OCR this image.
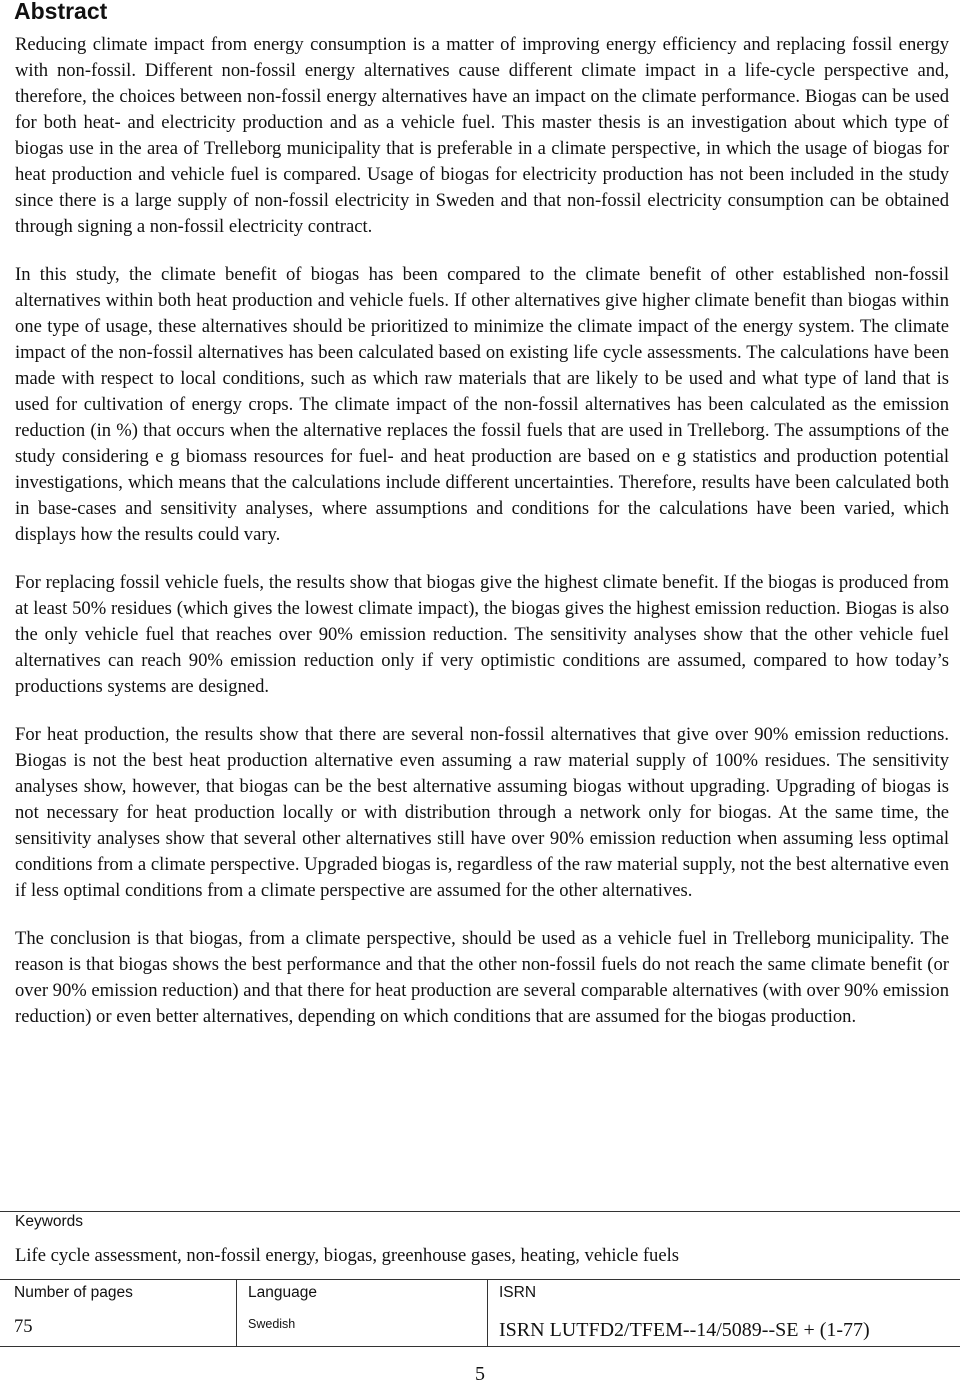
Abstract

Reducing climate impact from energy consumption is a matter of improving energy efficiency and replacing fossil energy with non-fossil. Different non-fossil energy alternatives cause different climate impact in a life-cycle perspective and, therefore, the choices between non-fossil energy alternatives have an impact on the climate performance. Biogas can be used for both heat- and electricity production and as a vehicle fuel. This master thesis is an investigation about which type of biogas use in the area of Trelleborg municipality that is preferable in a climate perspective, in which the usage of biogas for heat production and vehicle fuel is compared. Usage of biogas for electricity production has not been included in the study since there is a large supply of non-fossil electricity in Sweden and that non-fossil electricity consumption can be obtained through signing a non-fossil electricity contract.

In this study, the climate benefit of biogas has been compared to the climate benefit of other established non-fossil alternatives within both heat production and vehicle fuels. If other alternatives give higher climate benefit than biogas within one type of usage, these alternatives should be prioritized to minimize the climate impact of the energy system. The climate impact of the non-fossil alternatives has been calculated based on existing life cycle assessments. The calculations have been made with respect to local conditions, such as which raw materials that are likely to be used and what type of land that is used for cultivation of energy crops. The climate impact of the non-fossil alternatives has been calculated as the emission reduction (in %) that occurs when the alternative replaces the fossil fuels that are used in Trelleborg. The assumptions of the study considering e g biomass resources for fuel- and heat production are based on e g statistics and production potential investigations, which means that the calculations include different uncertainties. Therefore, results have been calculated both in base-cases and sensitivity analyses, where assumptions and conditions for the calculations have been varied, which displays how the results could vary.

For replacing fossil vehicle fuels, the results show that biogas give the highest climate benefit. If the biogas is produced from at least 50% residues (which gives the lowest climate impact), the biogas gives the highest emission reduction. Biogas is also the only vehicle fuel that reaches over 90% emission reduction. The sensitivity analyses show that the other vehicle fuel alternatives can reach 90% emission reduction only if very optimistic conditions are assumed, compared to how today’s productions systems are designed.

For heat production, the results show that there are several non-fossil alternatives that give over 90% emission reductions. Biogas is not the best heat production alternative even assuming a raw material supply of 100% residues. The sensitivity analyses show, however, that biogas can be the best alternative assuming biogas without upgrading. Upgrading of biogas is not necessary for heat production locally or with distribution through a network only for biogas. At the same time, the sensitivity analyses show that several other alternatives still have over 90% emission reduction when assuming less optimal conditions from a climate perspective. Upgraded biogas is, regardless of the raw material supply, not the best alternative even if less optimal conditions from a climate perspective are assumed for the other alternatives.

The conclusion is that biogas, from a climate perspective, should be used as a vehicle fuel in Trelleborg municipality. The reason is that biogas shows the best performance and that the other non-fossil fuels do not reach the same climate benefit (or over 90% emission reduction) and that there for heat production are several comparable alternatives (with over 90% emission reduction) or even better alternatives, depending on which conditions that are assumed for the biogas production.

Keywords
Life cycle assessment, non-fossil energy, biogas, greenhouse gases, heating, vehicle fuels
Number of pages
75
Language
Swedish
ISRN
ISRN LUTFD2/TFEM--14/5089--SE + (1-77)
5
